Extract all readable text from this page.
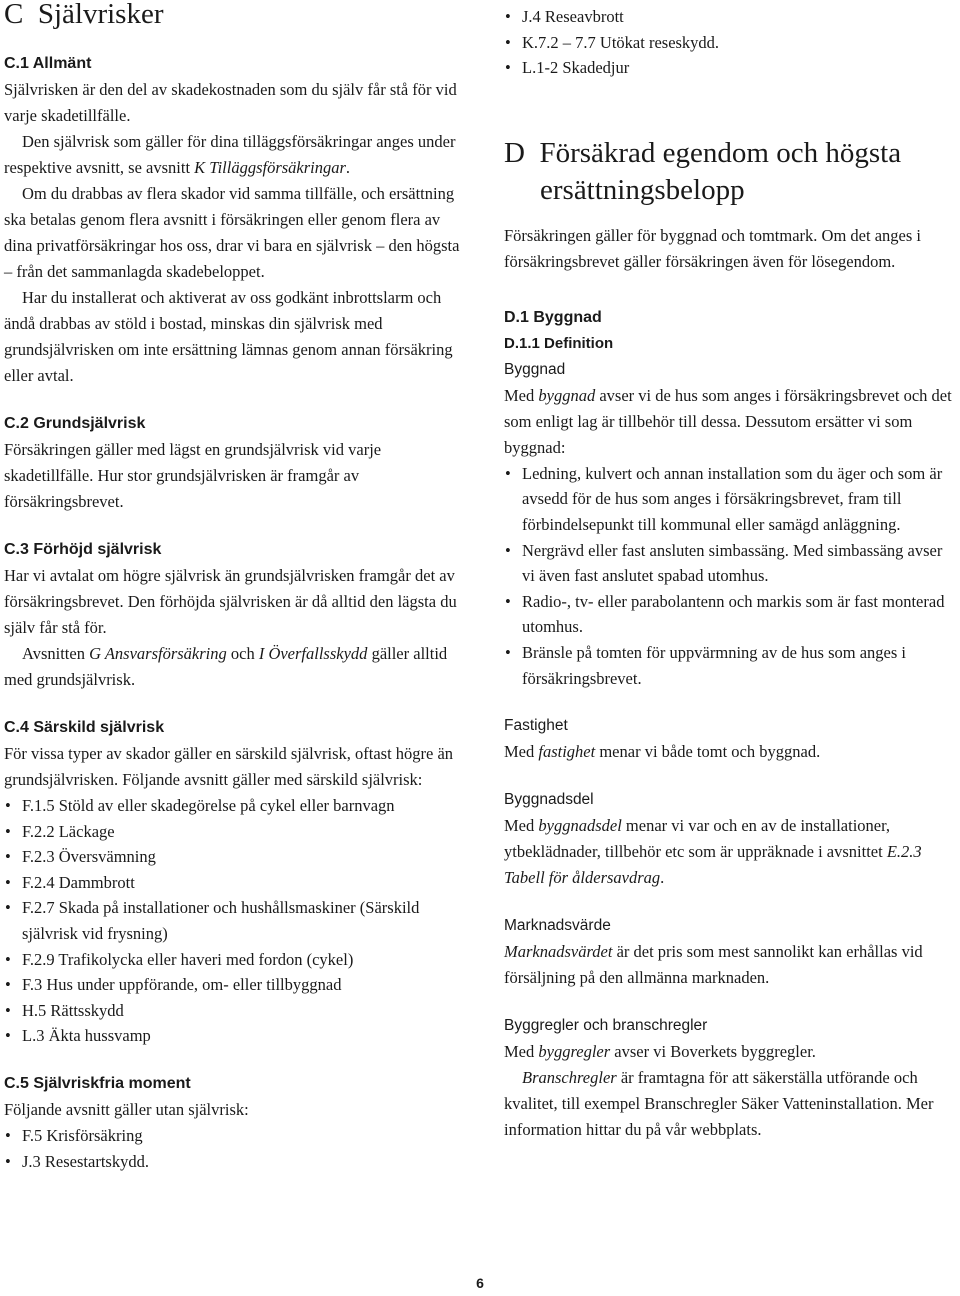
C Självrisker
C.1 Allmänt

Självrisken är den del av skadekostnaden som du själv får stå för vid varje skadetillfälle.

Den självrisk som gäller för dina tilläggsförsäkringar anges under respektive avsnitt, se avsnitt K Tilläggsförsäkringar.

Om du drabbas av flera skador vid samma tillfälle, och ersättning ska betalas genom flera avsnitt i försäkringen eller genom flera av dina privatförsäkringar hos oss, drar vi bara en självrisk – den högsta – från det sammanlagda skadebeloppet.

Har du installerat och aktiverat av oss godkänt inbrottslarm och ändå drabbas av stöld i bostad, minskas din självrisk med grundsjälvrisken om inte ersättning lämnas genom annan försäkring eller avtal.

C.2 Grundsjälvrisk

Försäkringen gäller med lägst en grundsjälvrisk vid varje skadetillfälle. Hur stor grundsjälvrisken är framgår av försäkringsbrevet.

C.3 Förhöjd självrisk

Har vi avtalat om högre självrisk än grundsjälvrisken framgår det av försäkringsbrevet. Den förhöjda självrisken är då alltid den lägsta du själv får stå för.

Avsnitten G Ansvarsförsäkring och I Överfallsskydd gäller alltid med grundsjälvrisk.

C.4 Särskild självrisk

För vissa typer av skador gäller en särskild självrisk, oftast högre än grundsjälvrisken. Följande avsnitt gäller med särskild självrisk:

• F.1.5 Stöld av eller skadegörelse på cykel eller barnvagn
• F.2.2 Läckage
• F.2.3 Översvämning
• F.2.4 Dammbrott
• F.2.7 Skada på installationer och hushållsmaskiner (Särskild självrisk vid frysning)
• F.2.9 Trafikolycka eller haveri med fordon (cykel)
• F.3 Hus under uppförande, om- eller tillbyggnad
• H.5 Rättsskydd
• L.3 Äkta hussvamp
C.5 Självriskfria moment

Följande avsnitt gäller utan självrisk:

• F.5 Krisförsäkring
• J.3 Resestartskydd.
• J.4 Reseavbrott
• K.7.2 – 7.7 Utökat reseskydd.
• L.1-2 Skadedjur
D Försäkrad egendom och högsta
ersättningsbelopp

Försäkringen gäller för byggnad och tomtmark. Om det anges i försäkringsbrevet gäller försäkringen även för lösegendom.

D.1 Byggnad
D.1.1 Definition
Byggnad

Med byggnad avser vi de hus som anges i försäkringsbrevet och det som enligt lag är tillbehör till dessa. Dessutom ersätter vi som byggnad:

• Ledning, kulvert och annan installation som du äger och som är avsedd för de hus som anges i försäkringsbrevet, fram till förbindelsepunkt till kommunal eller samägd anläggning.
• Nergrävd eller fast ansluten simbassäng. Med simbassäng avser vi även fast anslutet spabad utomhus.
• Radio-, tv- eller parabolantenn och markis som är fast monterad utomhus.
• Bränsle på tomten för uppvärmning av de hus som anges i försäkringsbrevet.
Fastighet

Med fastighet menar vi både tomt och byggnad.

Byggnadsdel

Med byggnadsdel menar vi var och en av de installationer, ytbeklädnader, tillbehör etc som är uppräknade i avsnittet E.2.3 Tabell för åldersavdrag.

Marknadsvärde

Marknadsvärdet är det pris som mest sannolikt kan erhållas vid försäljning på den allmänna marknaden.

Byggregler och branschregler

Med byggregler avser vi Boverkets byggregler.

Branschregler är framtagna för att säkerställa utförande och kvalitet, till exempel Branschregler Säker Vatteninstallation. Mer information hittar du på vår webbplats.

6
